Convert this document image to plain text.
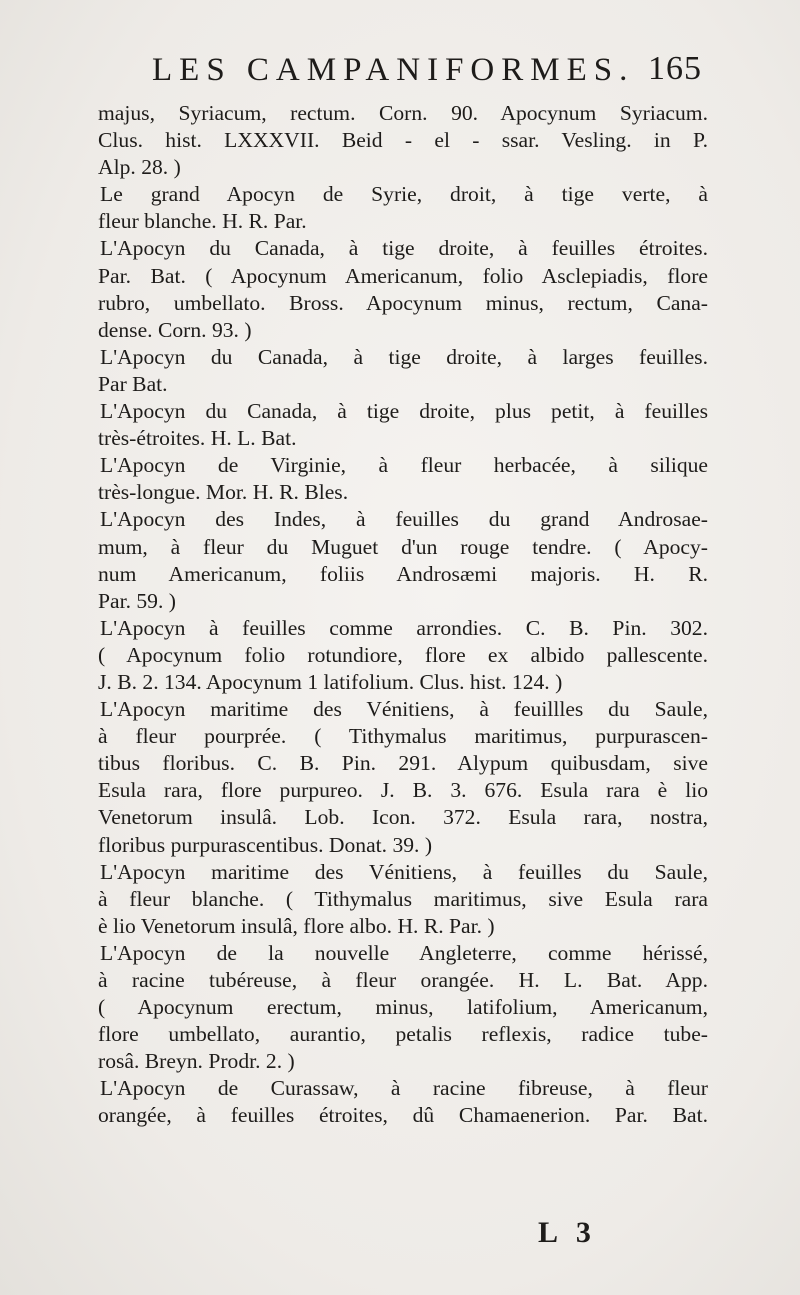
LES CAMPANIFORMES. 165
majus, Syriacum, rectum. Corn. 90. Apocynum Syriacum.
Clus. hist. LXXXVII. Beid - el - ssar. Vesling. in P.
Alp. 28. )
Le grand Apocyn de Syrie, droit, à tige verte, à
fleur blanche. H. R. Par.
L'Apocyn du Canada, à tige droite, à feuilles étroites.
Par. Bat. ( Apocynum Americanum, folio Asclepiadis, flore
rubro, umbellato. Bross. Apocynum minus, rectum, Cana-
dense. Corn. 93. )
L'Apocyn du Canada, à tige droite, à larges feuilles.
Par Bat.
L'Apocyn du Canada, à tige droite, plus petit, à feuilles
très-étroites. H. L. Bat.
L'Apocyn de Virginie, à fleur herbacée, à silique
très-longue. Mor. H. R. Bles.
L'Apocyn des Indes, à feuilles du grand Androsae-
mum, à fleur du Muguet d'un rouge tendre. ( Apocy-
num Americanum, foliis Androsæmi majoris. H. R.
Par. 59. )
L'Apocyn à feuilles comme arrondies. C. B. Pin. 302.
( Apocynum folio rotundiore, flore ex albido pallescente.
J. B. 2. 134. Apocynum 1 latifolium. Clus. hist. 124. )
L'Apocyn maritime des Vénitiens, à feuillles du Saule,
à fleur pourprée. ( Tithymalus maritimus, purpurascen-
tibus floribus. C. B. Pin. 291. Alypum quibusdam, sive
Esula rara, flore purpureo. J. B. 3. 676. Esula rara è lio
Venetorum insulâ. Lob. Icon. 372. Esula rara, nostra,
floribus purpurascentibus. Donat. 39. )
L'Apocyn maritime des Vénitiens, à feuilles du Saule,
à fleur blanche. ( Tithymalus maritimus, sive Esula rara
è lio Venetorum insulâ, flore albo. H. R. Par. )
L'Apocyn de la nouvelle Angleterre, comme hérissé,
à racine tubéreuse, à fleur orangée. H. L. Bat. App.
( Apocynum erectum, minus, latifolium, Americanum,
flore umbellato, aurantio, petalis reflexis, radice tube-
rosâ. Breyn. Prodr. 2. )
L'Apocyn de Curassaw, à racine fibreuse, à fleur
orangée, à feuilles étroites, dû Chamaenerion. Par. Bat.
L 3
